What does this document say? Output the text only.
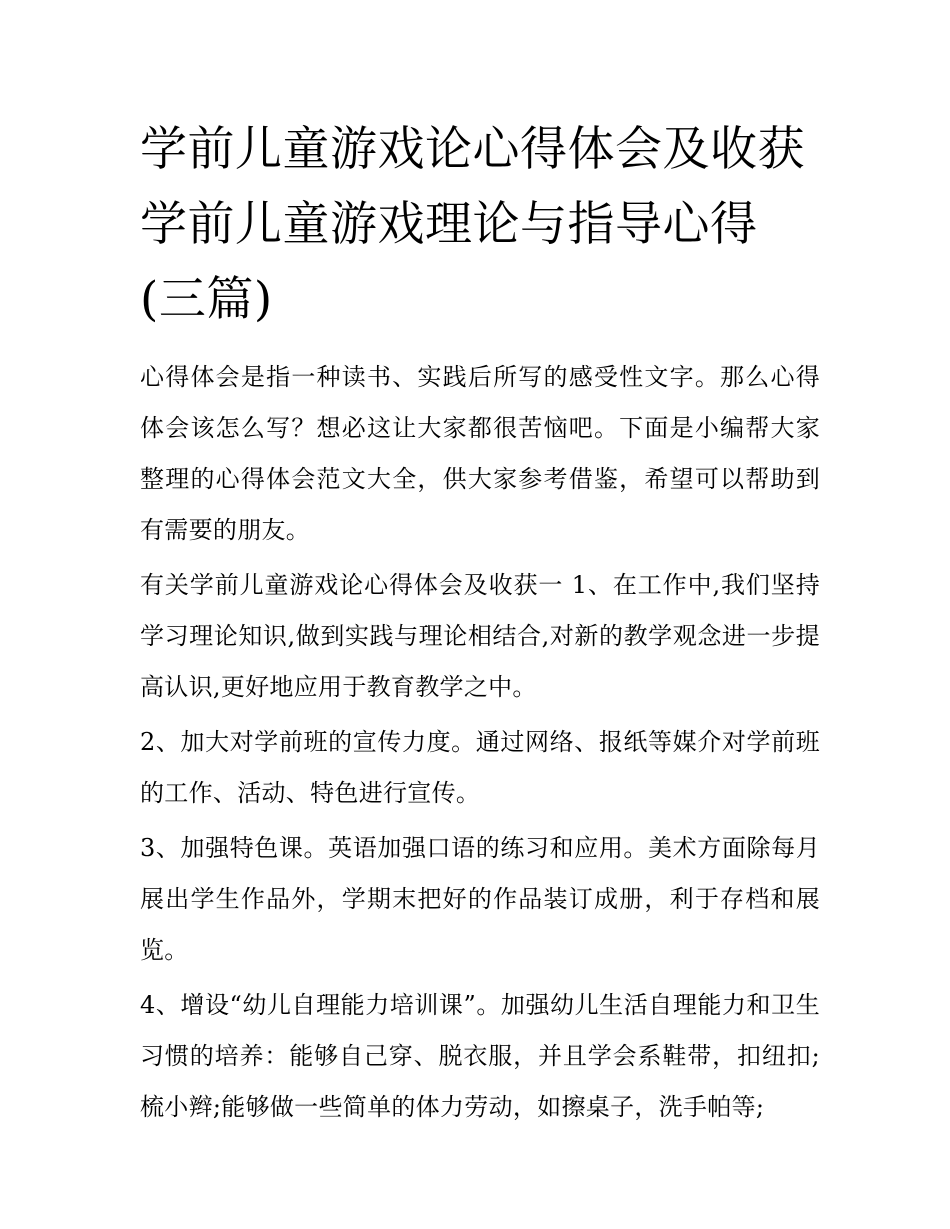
学前儿童游戏论心得体会及收获 学前儿童游戏理论与指导心得(三篇)

心得体会是指一种读书、实践后所写的感受性文字。那么心得体会该怎么写？想必这让大家都很苦恼吧。下面是小编帮大家整理的心得体会范文大全，供大家参考借鉴，希望可以帮助到有需要的朋友。

有关学前儿童游戏论心得体会及收获一 1、在工作中,我们坚持学习理论知识,做到实践与理论相结合,对新的教学观念进一步提高认识,更好地应用于教育教学之中。

2、加大对学前班的宣传力度。通过网络、报纸等媒介对学前班的工作、活动、特色进行宣传。

3、加强特色课。英语加强口语的练习和应用。美术方面除每月展出学生作品外，学期末把好的作品装订成册，利于存档和展览。

4、增设“幼儿自理能力培训课”。加强幼儿生活自理能力和卫生习惯的培养：能够自己穿、脱衣服，并且学会系鞋带，扣纽扣;梳小辫;能够做一些简单的体力劳动，如擦桌子，洗手帕等;
